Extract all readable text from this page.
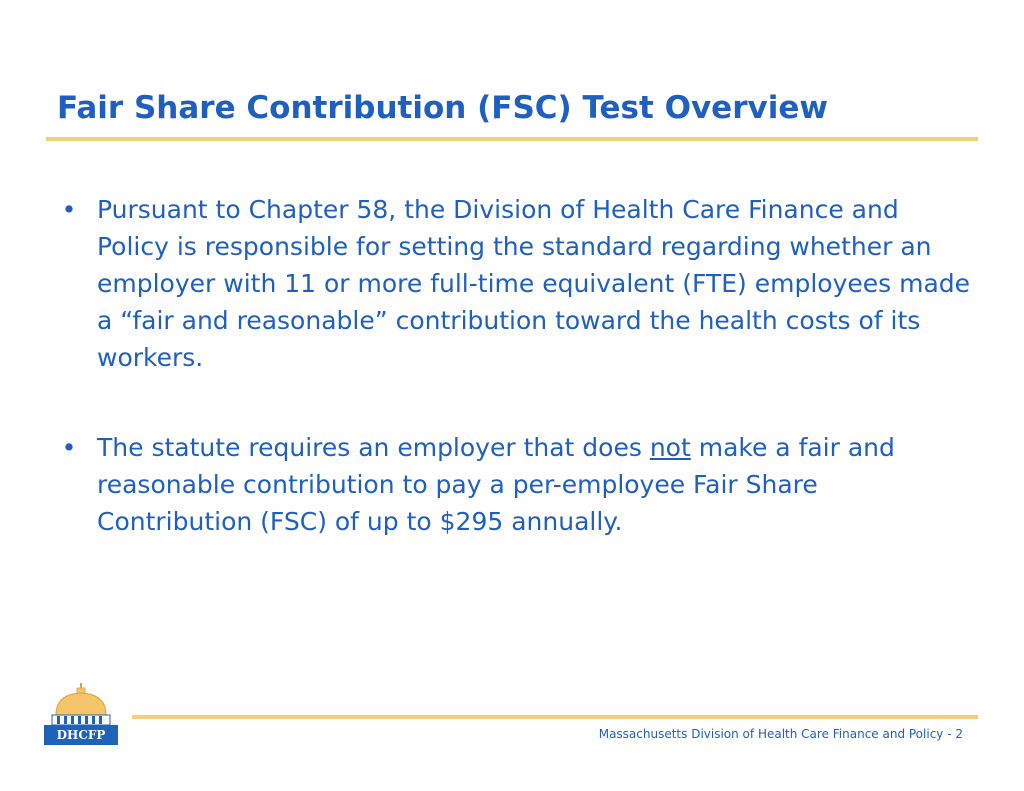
Fair Share Contribution (FSC) Test Overview
• Pursuant to Chapter 58, the Division of Health Care Finance and Policy is responsible for setting the standard regarding whether an employer with 11 or more full-time equivalent (FTE) employees made a “fair and reasonable” contribution toward the health costs of its workers.
• The statute requires an employer that does not make a fair and reasonable contribution to pay a per-employee Fair Share Contribution (FSC) of up to $295 annually.
DHCFP	Massachusetts Division of Health Care Finance and Policy - 2
